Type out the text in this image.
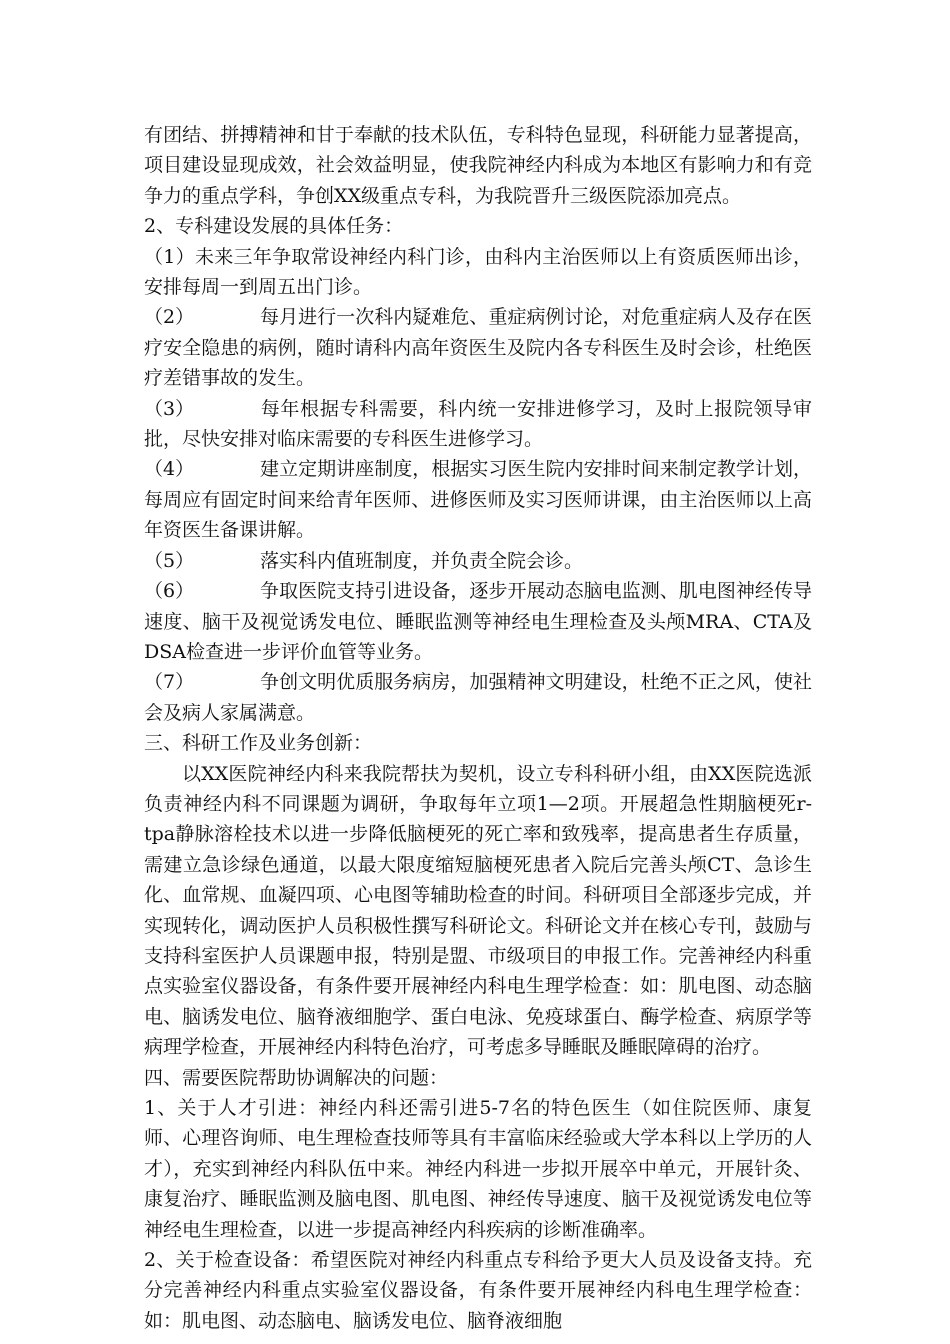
有团结、拼搏精神和甘于奉献的技术队伍，专科特色显现，科研能力显著提高，项目建设显现成效，社会效益明显，使我院神经内科成为本地区有影响力和有竞争力的重点学科，争创XX级重点专科，为我院晋升三级医院添加亮点。

2、专科建设发展的具体任务：

（1）未来三年争取常设神经内科门诊，由科内主治医师以上有资质医师出诊，安排每周一到周五出门诊。

（2）	每月进行一次科内疑难危、重症病例讨论，对危重症病人及存在医疗安全隐患的病例，随时请科内高年资医生及院内各专科医生及时会诊，杜绝医疗差错事故的发生。

（3）	每年根据专科需要，科内统一安排进修学习，及时上报院领导审批，尽快安排对临床需要的专科医生进修学习。

（4）	建立定期讲座制度，根据实习医生院内安排时间来制定教学计划，每周应有固定时间来给青年医师、进修医师及实习医师讲课，由主治医师以上高年资医生备课讲解。

（5）	落实科内值班制度，并负责全院会诊。

（6）	争取医院支持引进设备，逐步开展动态脑电监测、肌电图神经传导速度、脑干及视觉诱发电位、睡眠监测等神经电生理检查及头颅MRA、CTA及DSA检查进一步评价血管等业务。

（7）	争创文明优质服务病房，加强精神文明建设，杜绝不正之风，使社会及病人家属满意。

三、科研工作及业务创新：

以XX医院神经内科来我院帮扶为契机，设立专科科研小组，由XX医院选派负责神经内科不同课题为调研，争取每年立项1—2项。开展超急性期脑梗死r-tpa静脉溶栓技术以进一步降低脑梗死的死亡率和致残率，提高患者生存质量，需建立急诊绿色通道，以最大限度缩短脑梗死患者入院后完善头颅CT、急诊生化、血常规、血凝四项、心电图等辅助检查的时间。科研项目全部逐步完成，并实现转化，调动医护人员积极性撰写科研论文。科研论文并在核心专刊，鼓励与支持科室医护人员课题申报，特别是盟、市级项目的申报工作。完善神经内科重点实验室仪器设备，有条件要开展神经内科电生理学检查：如：肌电图、动态脑电、脑诱发电位、脑脊液细胞学、蛋白电泳、免疫球蛋白、酶学检查、病原学等病理学检查，开展神经内科特色治疗，可考虑多导睡眠及睡眠障碍的治疗。

四、需要医院帮助协调解决的问题：

1、关于人才引进：神经内科还需引进5-7名的特色医生（如住院医师、康复师、心理咨询师、电生理检查技师等具有丰富临床经验或大学本科以上学历的人才），充实到神经内科队伍中来。神经内科进一步拟开展卒中单元，开展针灸、康复治疗、睡眠监测及脑电图、肌电图、神经传导速度、脑干及视觉诱发电位等神经电生理检查，以进一步提高神经内科疾病的诊断准确率。

2、关于检查设备：希望医院对神经内科重点专科给予更大人员及设备支持。充分完善神经内科重点实验室仪器设备，有条件要开展神经内科电生理学检查：如：肌电图、动态脑电、脑诱发电位、脑脊液细胞
